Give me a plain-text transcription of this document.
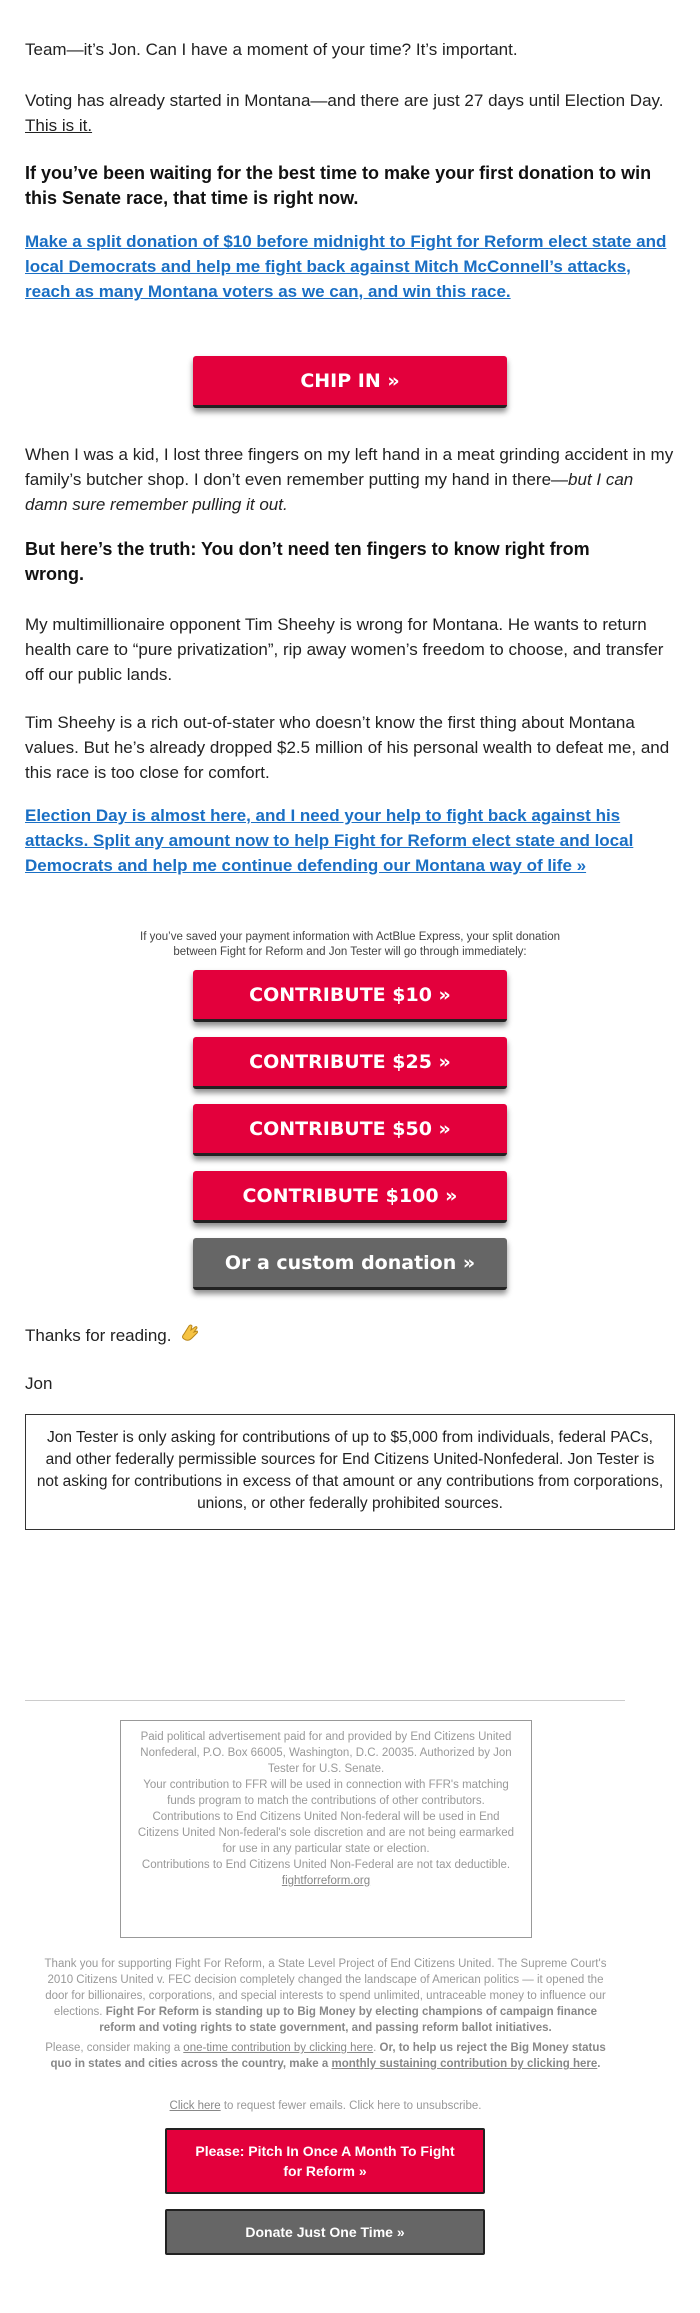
Team—it’s Jon. Can I have a moment of your time? It’s important.

Voting has already started in Montana—and there are just 27 days until Election Day. This is it.

If you’ve been waiting for the best time to make your first donation to win this Senate race, that time is right now.

Make a split donation of $10 before midnight to Fight for Reform elect state and local Democrats and help me fight back against Mitch McConnell’s attacks, reach as many Montana voters as we can, and win this race.

CHIP IN »

When I was a kid, I lost three fingers on my left hand in a meat grinding accident in my family’s butcher shop. I don’t even remember putting my hand in there—but I can damn sure remember pulling it out.

But here’s the truth: You don’t need ten fingers to know right from wrong.

My multimillionaire opponent Tim Sheehy is wrong for Montana. He wants to return health care to “pure privatization”, rip away women’s freedom to choose, and transfer off our public lands.

Tim Sheehy is a rich out-of-stater who doesn’t know the first thing about Montana values. But he’s already dropped $2.5 million of his personal wealth to defeat me, and this race is too close for comfort.

Election Day is almost here, and I need your help to fight back against his attacks. Split any amount now to help Fight for Reform elect state and local Democrats and help me continue defending our Montana way of life »

If you’ve saved your payment information with ActBlue Express, your split donation between Fight for Reform and Jon Tester will go through immediately:

CONTRIBUTE $10 »
CONTRIBUTE $25 »
CONTRIBUTE $50 »
CONTRIBUTE $100 »
Or a custom donation »

Thanks for reading.

Jon

Jon Tester is only asking for contributions of up to $5,000 from individuals, federal PACs, and other federally permissible sources for End Citizens United-Nonfederal. Jon Tester is not asking for contributions in excess of that amount or any contributions from corporations, unions, or other federally prohibited sources.
Paid political advertisement paid for and provided by End Citizens United Nonfederal, P.O. Box 66005, Washington, D.C. 20035. Authorized by Jon Tester for U.S. Senate.
Your contribution to FFR will be used in connection with FFR's matching funds program to match the contributions of other contributors.
Contributions to End Citizens United Non-federal will be used in End Citizens United Non-federal's sole discretion and are not being earmarked for use in any particular state or election.
Contributions to End Citizens United Non-Federal are not tax deductible.
fightforreform.org

Thank you for supporting Fight For Reform, a State Level Project of End Citizens United. The Supreme Court's 2010 Citizens United v. FEC decision completely changed the landscape of American politics — it opened the door for billionaires, corporations, and special interests to spend unlimited, untraceable money to influence our elections. Fight For Reform is standing up to Big Money by electing champions of campaign finance reform and voting rights to state government, and passing reform ballot initiatives.

Please, consider making a one-time contribution by clicking here. Or, to help us reject the Big Money status quo in states and cities across the country, make a monthly sustaining contribution by clicking here.

Click here to request fewer emails. Click here to unsubscribe.

Please: Pitch In Once A Month To Fight for Reform »
Donate Just One Time »
